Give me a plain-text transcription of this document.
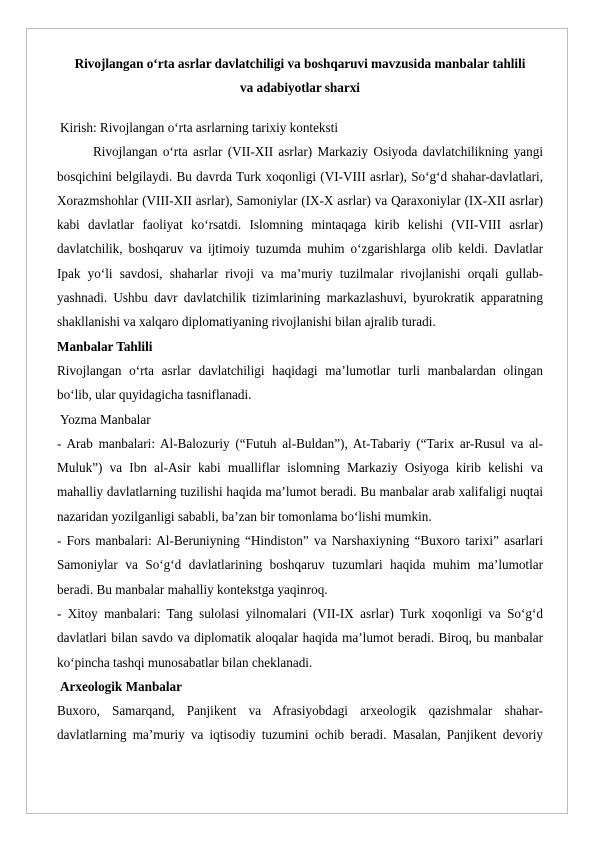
Rivojlangan o‘rta asrlar davlatchiligi va boshqaruvi mavzusida manbalar tahlili
va adabiyotlar sharxi

Kirish: Rivojlangan o‘rta asrlarning tarixiy konteksti

Rivojlangan o‘rta asrlar (VII-XII asrlar) Markaziy Osiyoda davlatchilikning yangi bosqichini belgilaydi. Bu davrda Turk xoqonligi (VI-VIII asrlar), So‘g‘d shahar-davlatlari, Xorazmshohlar (VIII-XII asrlar), Samoniylar (IX-X asrlar) va Qaraxoniylar (IX-XII asrlar) kabi davlatlar faoliyat ko‘rsatdi. Islomning mintaqaga kirib kelishi (VII-VIII asrlar) davlatchilik, boshqaruv va ijtimoiy tuzumda muhim o‘zgarishlarga olib keldi. Davlatlar Ipak yo‘li savdosi, shaharlar rivoji va ma’muriy tuzilmalar rivojlanishi orqali gullab-yashnadi. Ushbu davr davlatchilik tizimlarining markazlashuvi, byurokratik apparatning shakllanishi va xalqaro diplomatiyaning rivojlanishi bilan ajralib turadi.

Manbalar Tahlili

Rivojlangan o‘rta asrlar davlatchiligi haqidagi ma’lumotlar turli manbalardan olingan bo‘lib, ular quyidagicha tasniflanadi.

Yozma Manbalar

- Arab manbalari: Al-Balozuriy (“Futuh al-Buldan”), At-Tabariy (“Tarix ar-Rusul va al-Muluk”) va Ibn al-Asir kabi mualliflar islomning Markaziy Osiyoga kirib kelishi va mahalliy davlatlarning tuzilishi haqida ma’lumot beradi. Bu manbalar arab xalifaligi nuqtai nazaridan yozilganligi sababli, ba’zan bir tomonlama bo‘lishi mumkin.

- Fors manbalari: Al-Beruniyning “Hindiston” va Narshaxiyning “Buxoro tarixi” asarlari Samoniylar va So‘g‘d davlatlarining boshqaruv tuzumlari haqida muhim ma’lumotlar beradi. Bu manbalar mahalliy kontekstga yaqinroq.

- Xitoy manbalari: Tang sulolasi yilnomalari (VII-IX asrlar) Turk xoqonligi va So‘g‘d davlatlari bilan savdo va diplomatik aloqalar haqida ma’lumot beradi. Biroq, bu manbalar ko‘pincha tashqi munosabatlar bilan cheklanadi.

Arxeologik Manbalar

Buxoro, Samarqand, Panjikent va Afrasiyobdagi arxeologik qazishmalar shahar-davlatlarning ma’muriy va iqtisodiy tuzumini ochib beradi. Masalan, Panjikent devoriy
